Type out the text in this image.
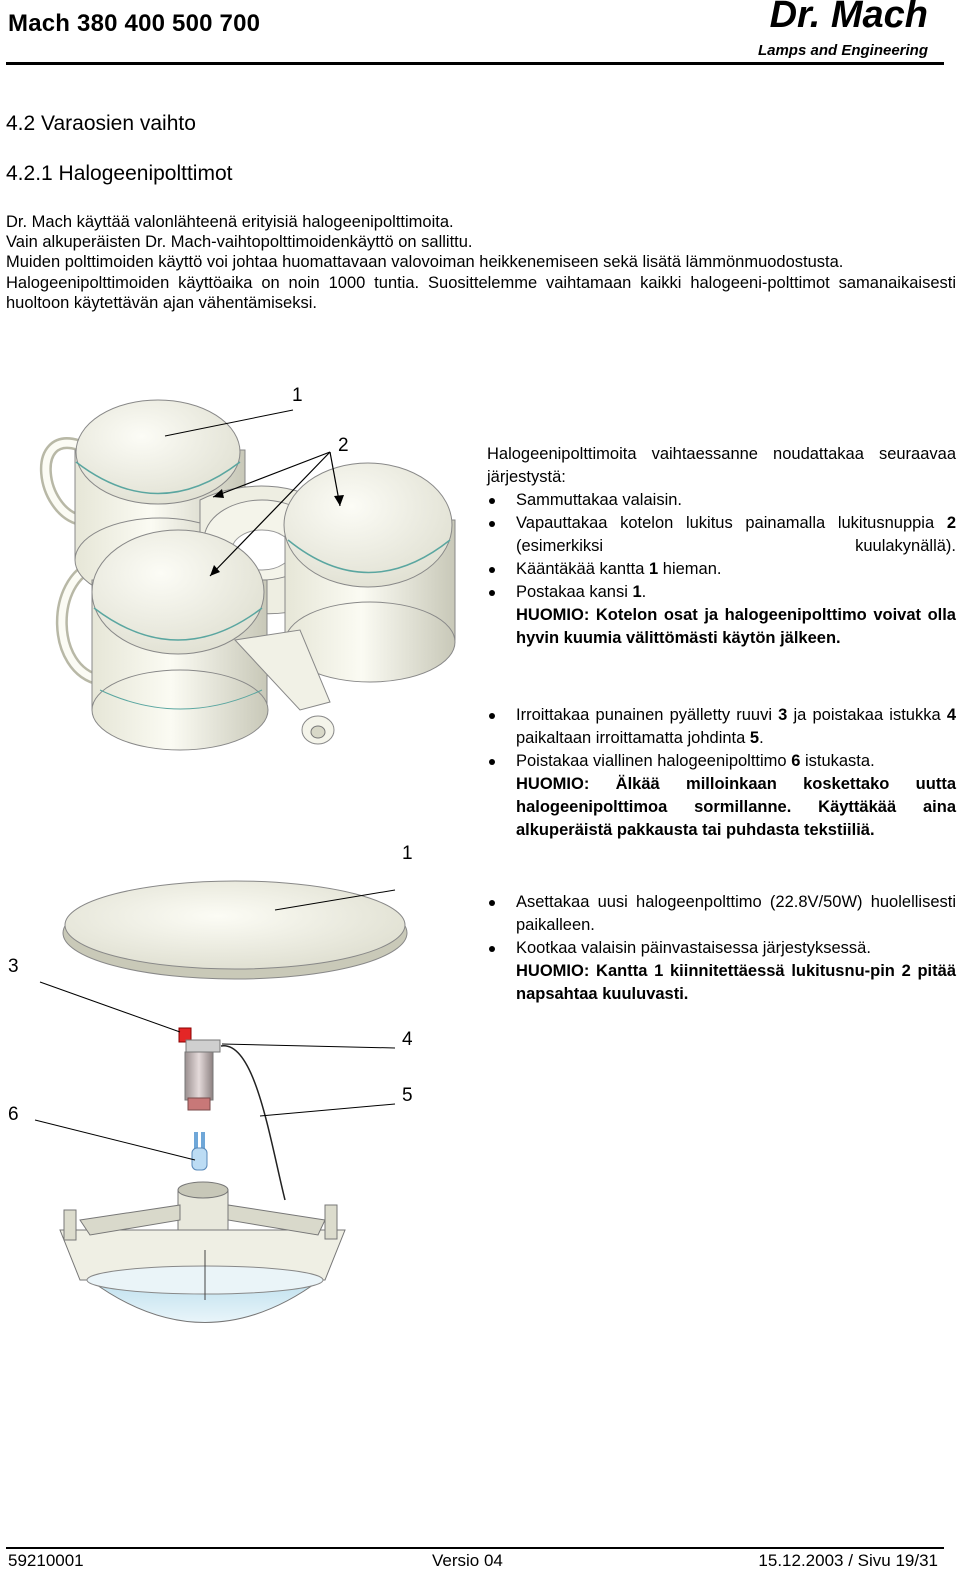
Mach 380 400 500 700	Dr. Mach
Lamps and Engineering
4.2 Varaosien vaihto
4.2.1 Halogeenipolttimot

Dr. Mach käyttää valonlähteenä erityisiä halogeenipolttimoita.

Vain alkuperäisten Dr. Mach-vaihtopolttimoidenkäyttö on sallittu.

Muiden polttimoiden käyttö voi johtaa huomattavaan valovoiman heikkenemiseen sekä lisätä lämmönmuodostusta.

Halogeenipolttimoiden käyttöaika on noin 1000 tuntia. Suosittelemme vaihtamaan kaikki halogeeni-polttimot samanaikaisesti huoltoon käytettävän ajan vähentämiseksi.

1
2
1
3
4
5
6

Halogeenipolttimoita vaihtaessanne noudattakaa seuraavaa järjestystä:

Sammuttakaa valaisin.
Vapauttakaa kotelon lukitus painamalla lukitusnuppia 2 (esimerkiksi kuulakynällä).
Kääntäkää kantta 1 hieman.
Postakaa kansi 1.

HUOMIO: Kotelon osat ja halogeenipolttimo voivat olla hyvin kuumia välittömästi käytön jälkeen.

Irroittakaa punainen pyälletty ruuvi 3 ja poistakaa istukka 4 paikaltaan irroittamatta johdinta 5.
Poistakaa viallinen halogeenipolttimo 6 istukasta.

HUOMIO: Älkää milloinkaan koskettako uutta halogeenipolttimoa sormillanne. Käyttäkää aina alkuperäistä pakkausta tai puhdasta tekstiiliä.

Asettakaa uusi halogeenpolttimo (22.8V/50W) huolellisesti paikalleen.
Kootkaa valaisin päinvastaisessa järjestyksessä.

HUOMIO: Kantta 1 kiinnitettäessä lukitusnu-pin 2 pitää napsahtaa kuuluvasti.

59210001	Versio 04	15.12.2003 / Sivu 19/31
